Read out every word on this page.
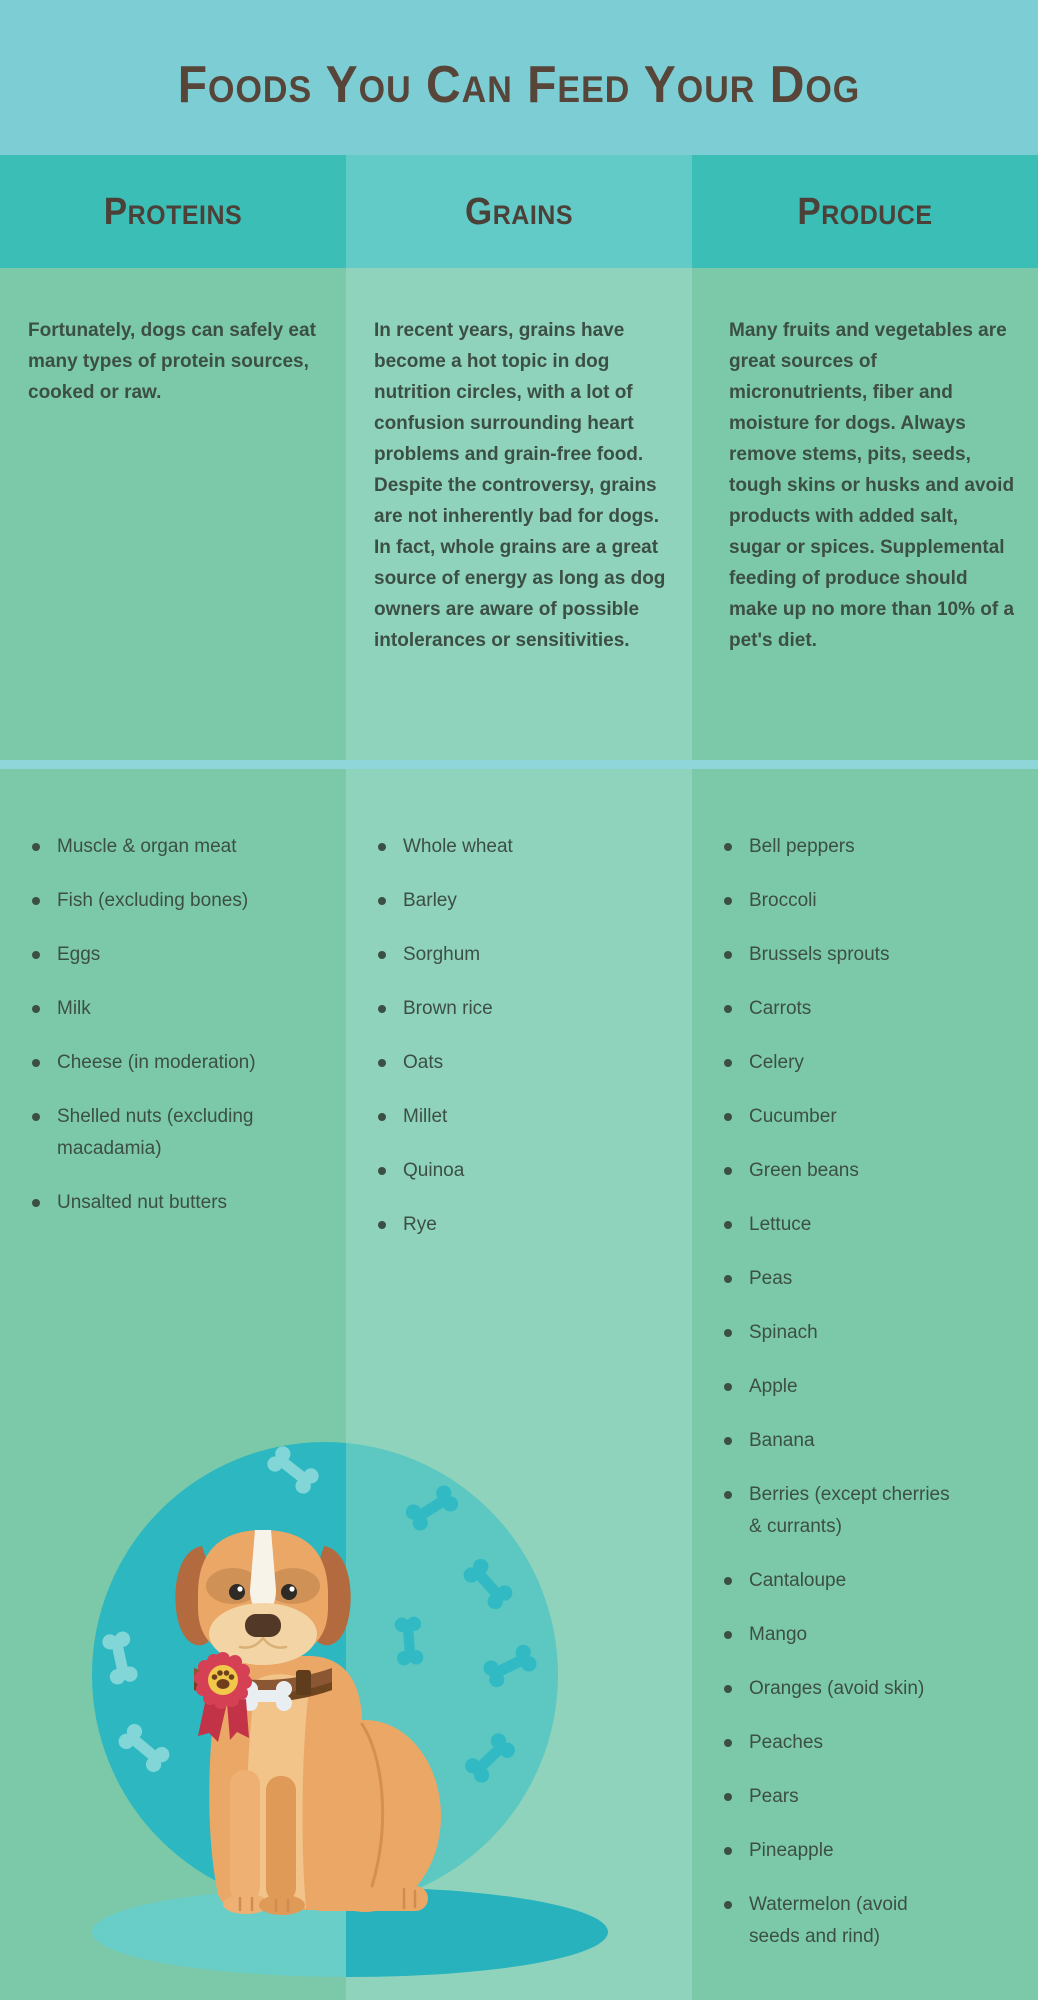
Foods You Can Feed Your Dog
Proteins

Fortunately, dogs can safely eat many types of protein sources, cooked or raw.

Muscle & organ meat
Fish (excluding bones)
Eggs
Milk
Cheese (in moderation)
Shelled nuts (excluding macadamia)
Unsalted nut butters
Grains

In recent years, grains have become a hot topic in dog nutrition circles, with a lot of confusion surrounding heart problems and grain-free food. Despite the controversy, grains are not inherently bad for dogs. In fact, whole grains are a great source of energy as long as dog owners are aware of possible intolerances or sensitivities.

Whole wheat
Barley
Sorghum
Brown rice
Oats
Millet
Quinoa
Rye
Produce

Many fruits and vegetables are great sources of micronutrients, fiber and moisture for dogs. Always remove stems, pits, seeds, tough skins or husks and avoid products with added salt, sugar or spices. Supplemental feeding of produce should make up no more than 10% of a pet's diet.

Bell peppers
Broccoli
Brussels sprouts
Carrots
Celery
Cucumber
Green beans
Lettuce
Peas
Spinach
Apple
Banana
Berries (except cherries & currants)
Cantaloupe
Mango
Oranges (avoid skin)
Peaches
Pears
Pineapple
Watermelon (avoid seeds and rind)
